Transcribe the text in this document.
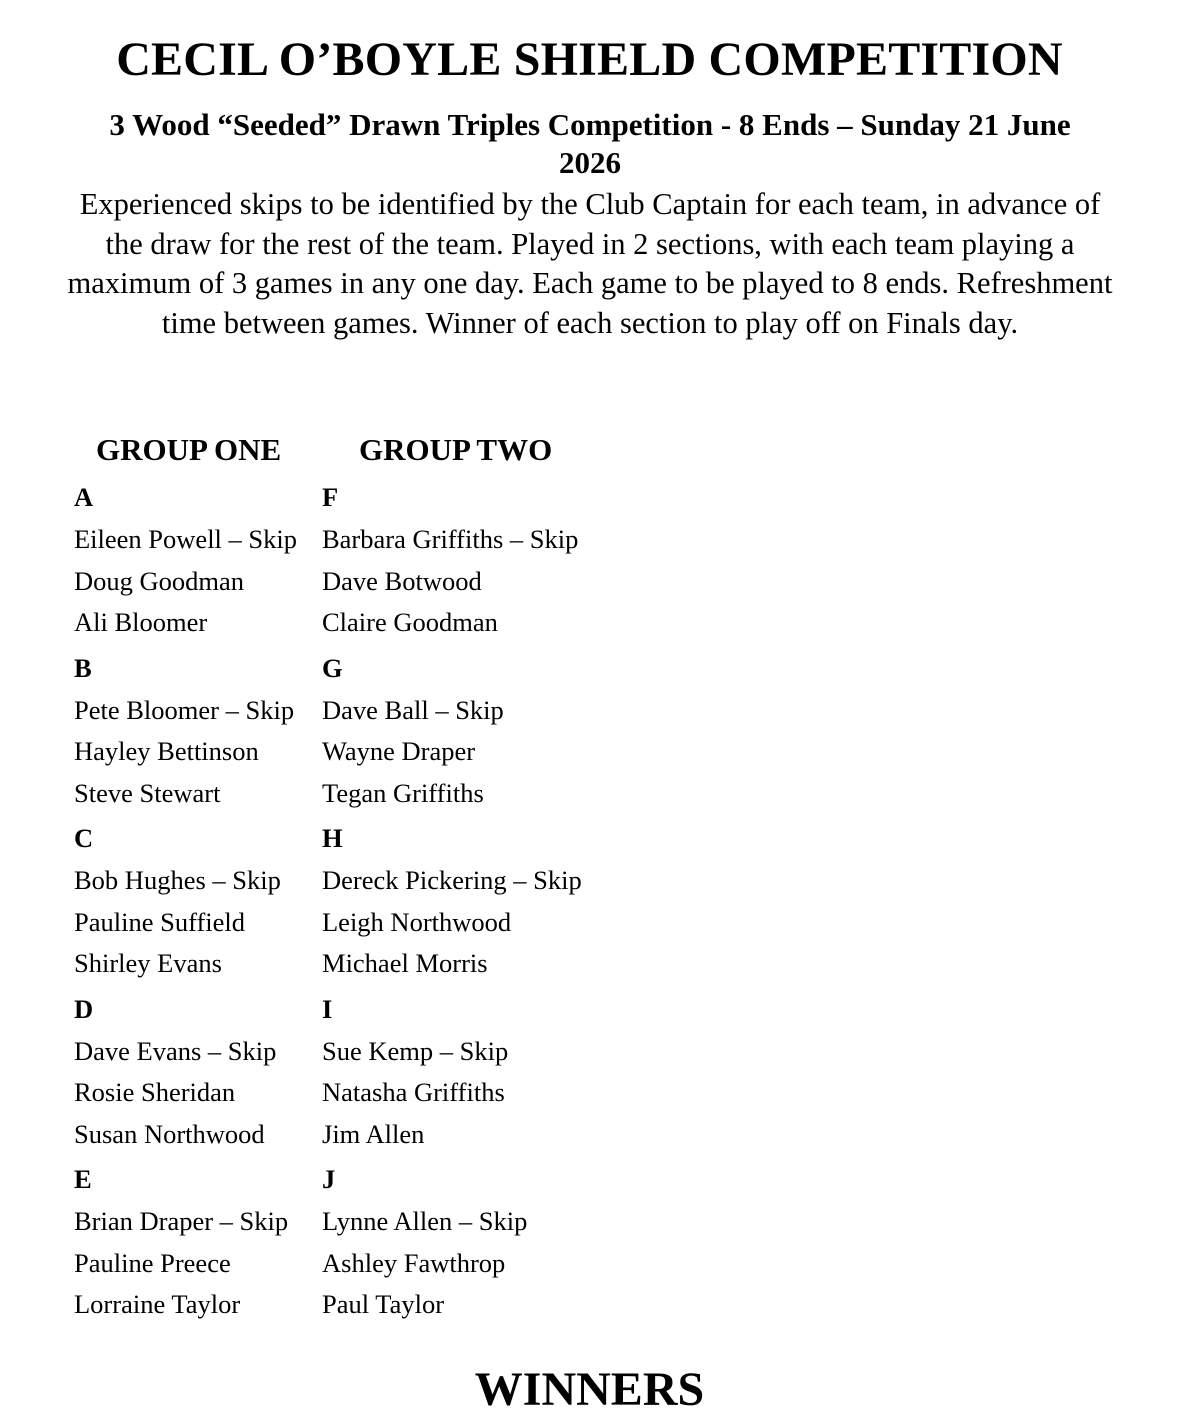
CECIL O’BOYLE SHIELD COMPETITION
3 Wood “Seeded” Drawn Triples Competition - 8 Ends – Sunday 21 June 2026

Experienced skips to be identified by the Club Captain for each team, in advance of the draw for the rest of the team. Played in 2 sections, with each team playing a maximum of 3 games in any one day. Each game to be played to 8 ends. Refreshment time between games. Winner of each section to play off on Finals day.

GROUP ONE	GROUP TWO
A
Eileen Powell – Skip
Doug Goodman
Ali Bloomer
B
Pete Bloomer – Skip
Hayley Bettinson
Steve Stewart
C
Bob Hughes – Skip
Pauline Suffield
Shirley Evans
D
Dave Evans – Skip
Rosie Sheridan
Susan Northwood
E
Brian Draper – Skip
Pauline Preece
Lorraine Taylor
F
Barbara Griffiths – Skip
Dave Botwood
Claire Goodman
G
Dave Ball – Skip
Wayne Draper
Tegan Griffiths
H
Dereck Pickering – Skip
Leigh Northwood
Michael Morris
I
Sue Kemp – Skip
Natasha Griffiths
Jim Allen
J
Lynne Allen – Skip
Ashley Fawthrop
Paul Taylor
WINNERS
